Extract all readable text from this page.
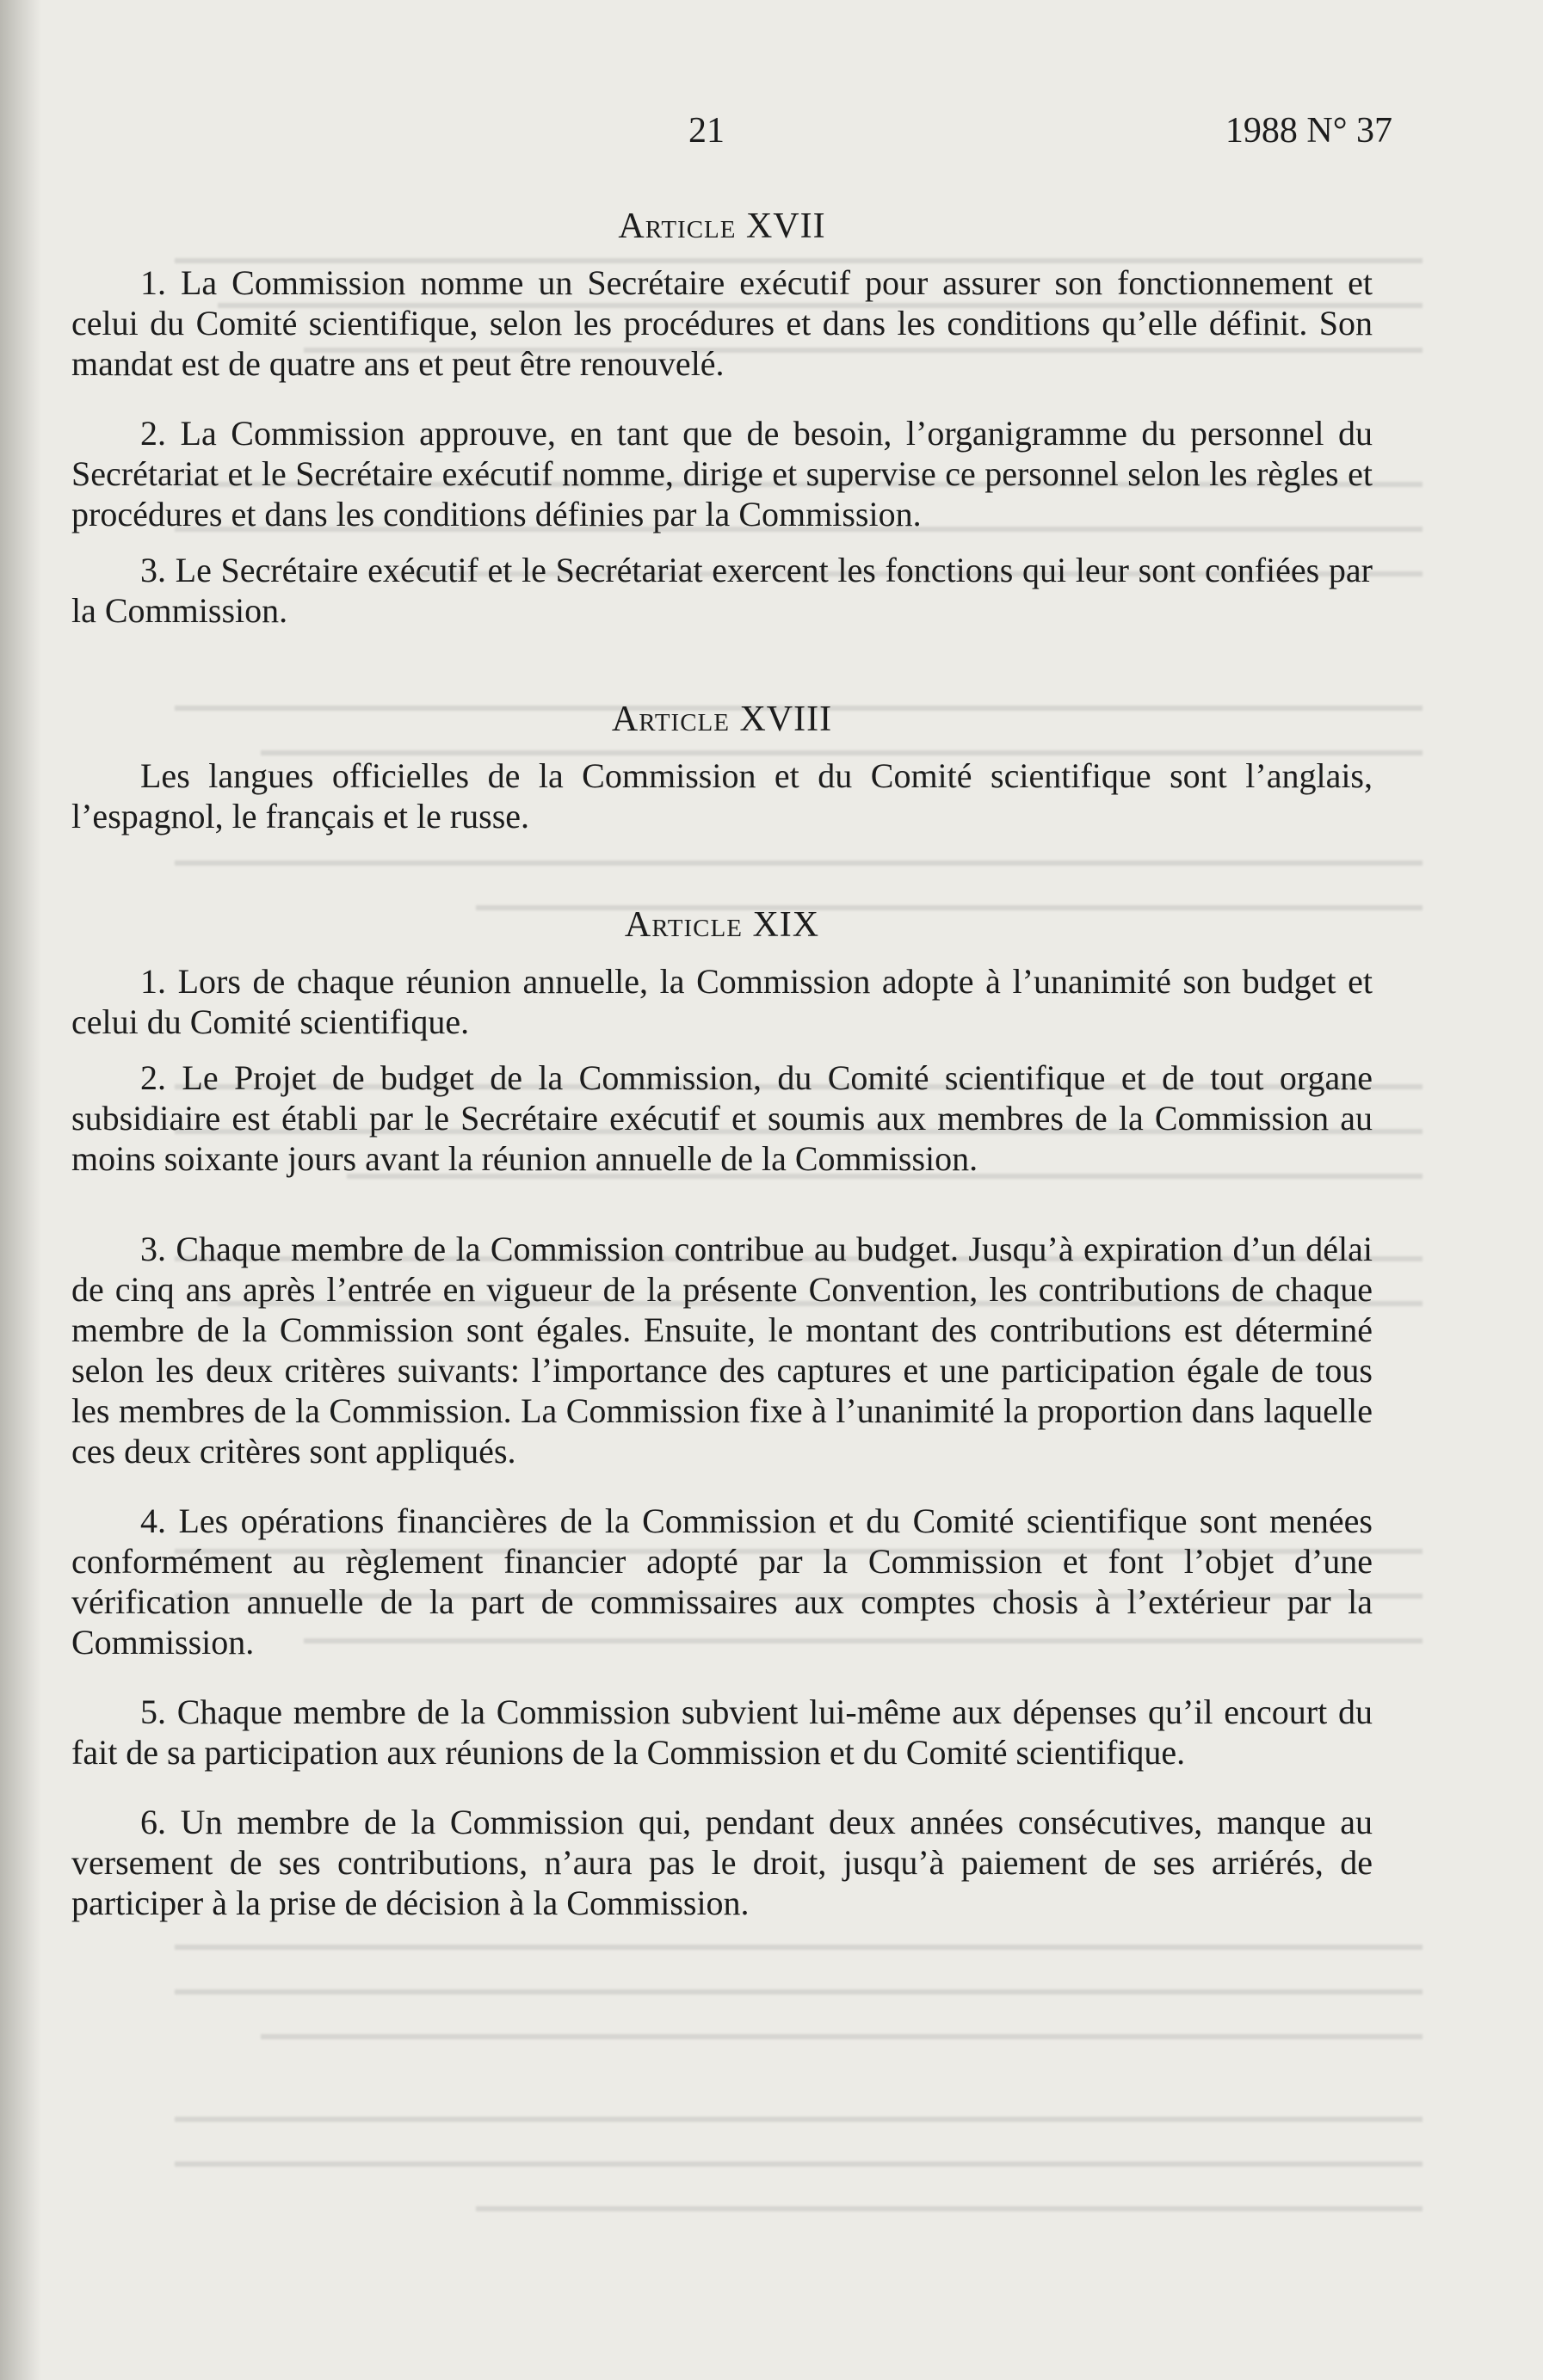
21	1988 N° 37
Article XVII

1. La Commission nomme un Secrétaire exécutif pour assurer son fonctionnement et celui du Comité scientifique, selon les procédures et dans les conditions qu’elle définit. Son mandat est de quatre ans et peut être renouvelé.

2. La Commission approuve, en tant que de besoin, l’organigramme du personnel du Secrétariat et le Secrétaire exécutif nomme, dirige et supervise ce personnel selon les règles et procédures et dans les conditions définies par la Commission.

3. Le Secrétaire exécutif et le Secrétariat exercent les fonctions qui leur sont confiées par la Commission.

Article XVIII

Les langues officielles de la Commission et du Comité scientifique sont l’anglais, l’espagnol, le français et le russe.

Article XIX

1. Lors de chaque réunion annuelle, la Commission adopte à l’unanimité son budget et celui du Comité scientifique.

2. Le Projet de budget de la Commission, du Comité scientifique et de tout organe subsidiaire est établi par le Secrétaire exécutif et soumis aux membres de la Commission au moins soixante jours avant la réunion annuelle de la Commission.

3. Chaque membre de la Commission contribue au budget. Jusqu’à expiration d’un délai de cinq ans après l’entrée en vigueur de la présente Convention, les contributions de chaque membre de la Commission sont égales. Ensuite, le montant des contributions est déterminé selon les deux critères suivants: l’importance des captures et une participation égale de tous les membres de la Commission. La Commission fixe à l’unanimité la proportion dans laquelle ces deux critères sont appliqués.

4. Les opérations financières de la Commission et du Comité scientifique sont menées conformément au règlement financier adopté par la Commission et font l’objet d’une vérification annuelle de la part de commissaires aux comptes chosis à l’extérieur par la Commission.

5. Chaque membre de la Commission subvient lui-même aux dépenses qu’il encourt du fait de sa participation aux réunions de la Commission et du Comité scientifique.

6. Un membre de la Commission qui, pendant deux années consécutives, manque au versement de ses contributions, n’aura pas le droit, jusqu’à paiement de ses arriérés, de participer à la prise de décision à la Commission.
